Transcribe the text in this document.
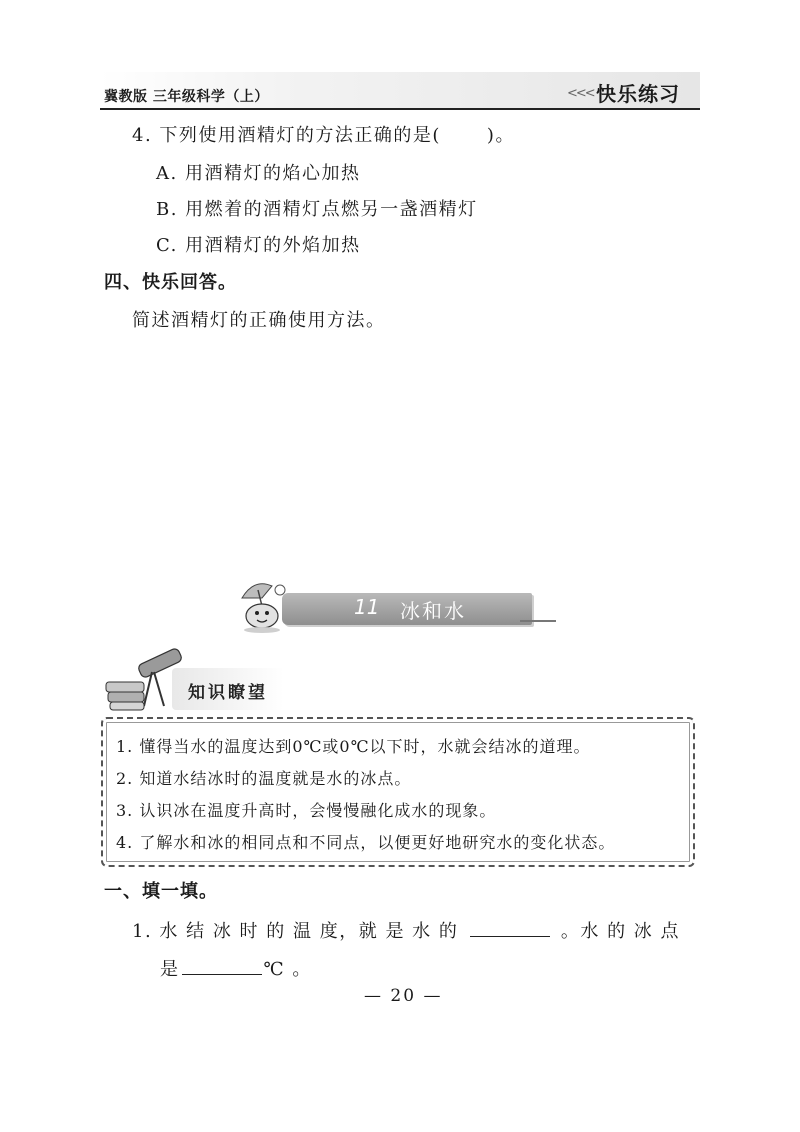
冀教版 三年级科学（上）	<<< 快乐练习
4. 下列使用酒精灯的方法正确的是(	)。
A. 用酒精灯的焰心加热
B. 用燃着的酒精灯点燃另一盏酒精灯
C. 用酒精灯的外焰加热
四、快乐回答。
简述酒精灯的正确使用方法。
11 冰和水
知识瞭望
1. 懂得当水的温度达到0℃或0℃以下时，水就会结冰的道理。
2. 知道水结冰时的温度就是水的冰点。
3. 认识冰在温度升高时，会慢慢融化成水的现象。
4. 了解水和冰的相同点和不同点，以便更好地研究水的变化状态。
一、填一填。
1. 水 结 冰 时 的 温 度，就 是 水 的	。水 的 冰 点
是	℃ 。
— 20 —
